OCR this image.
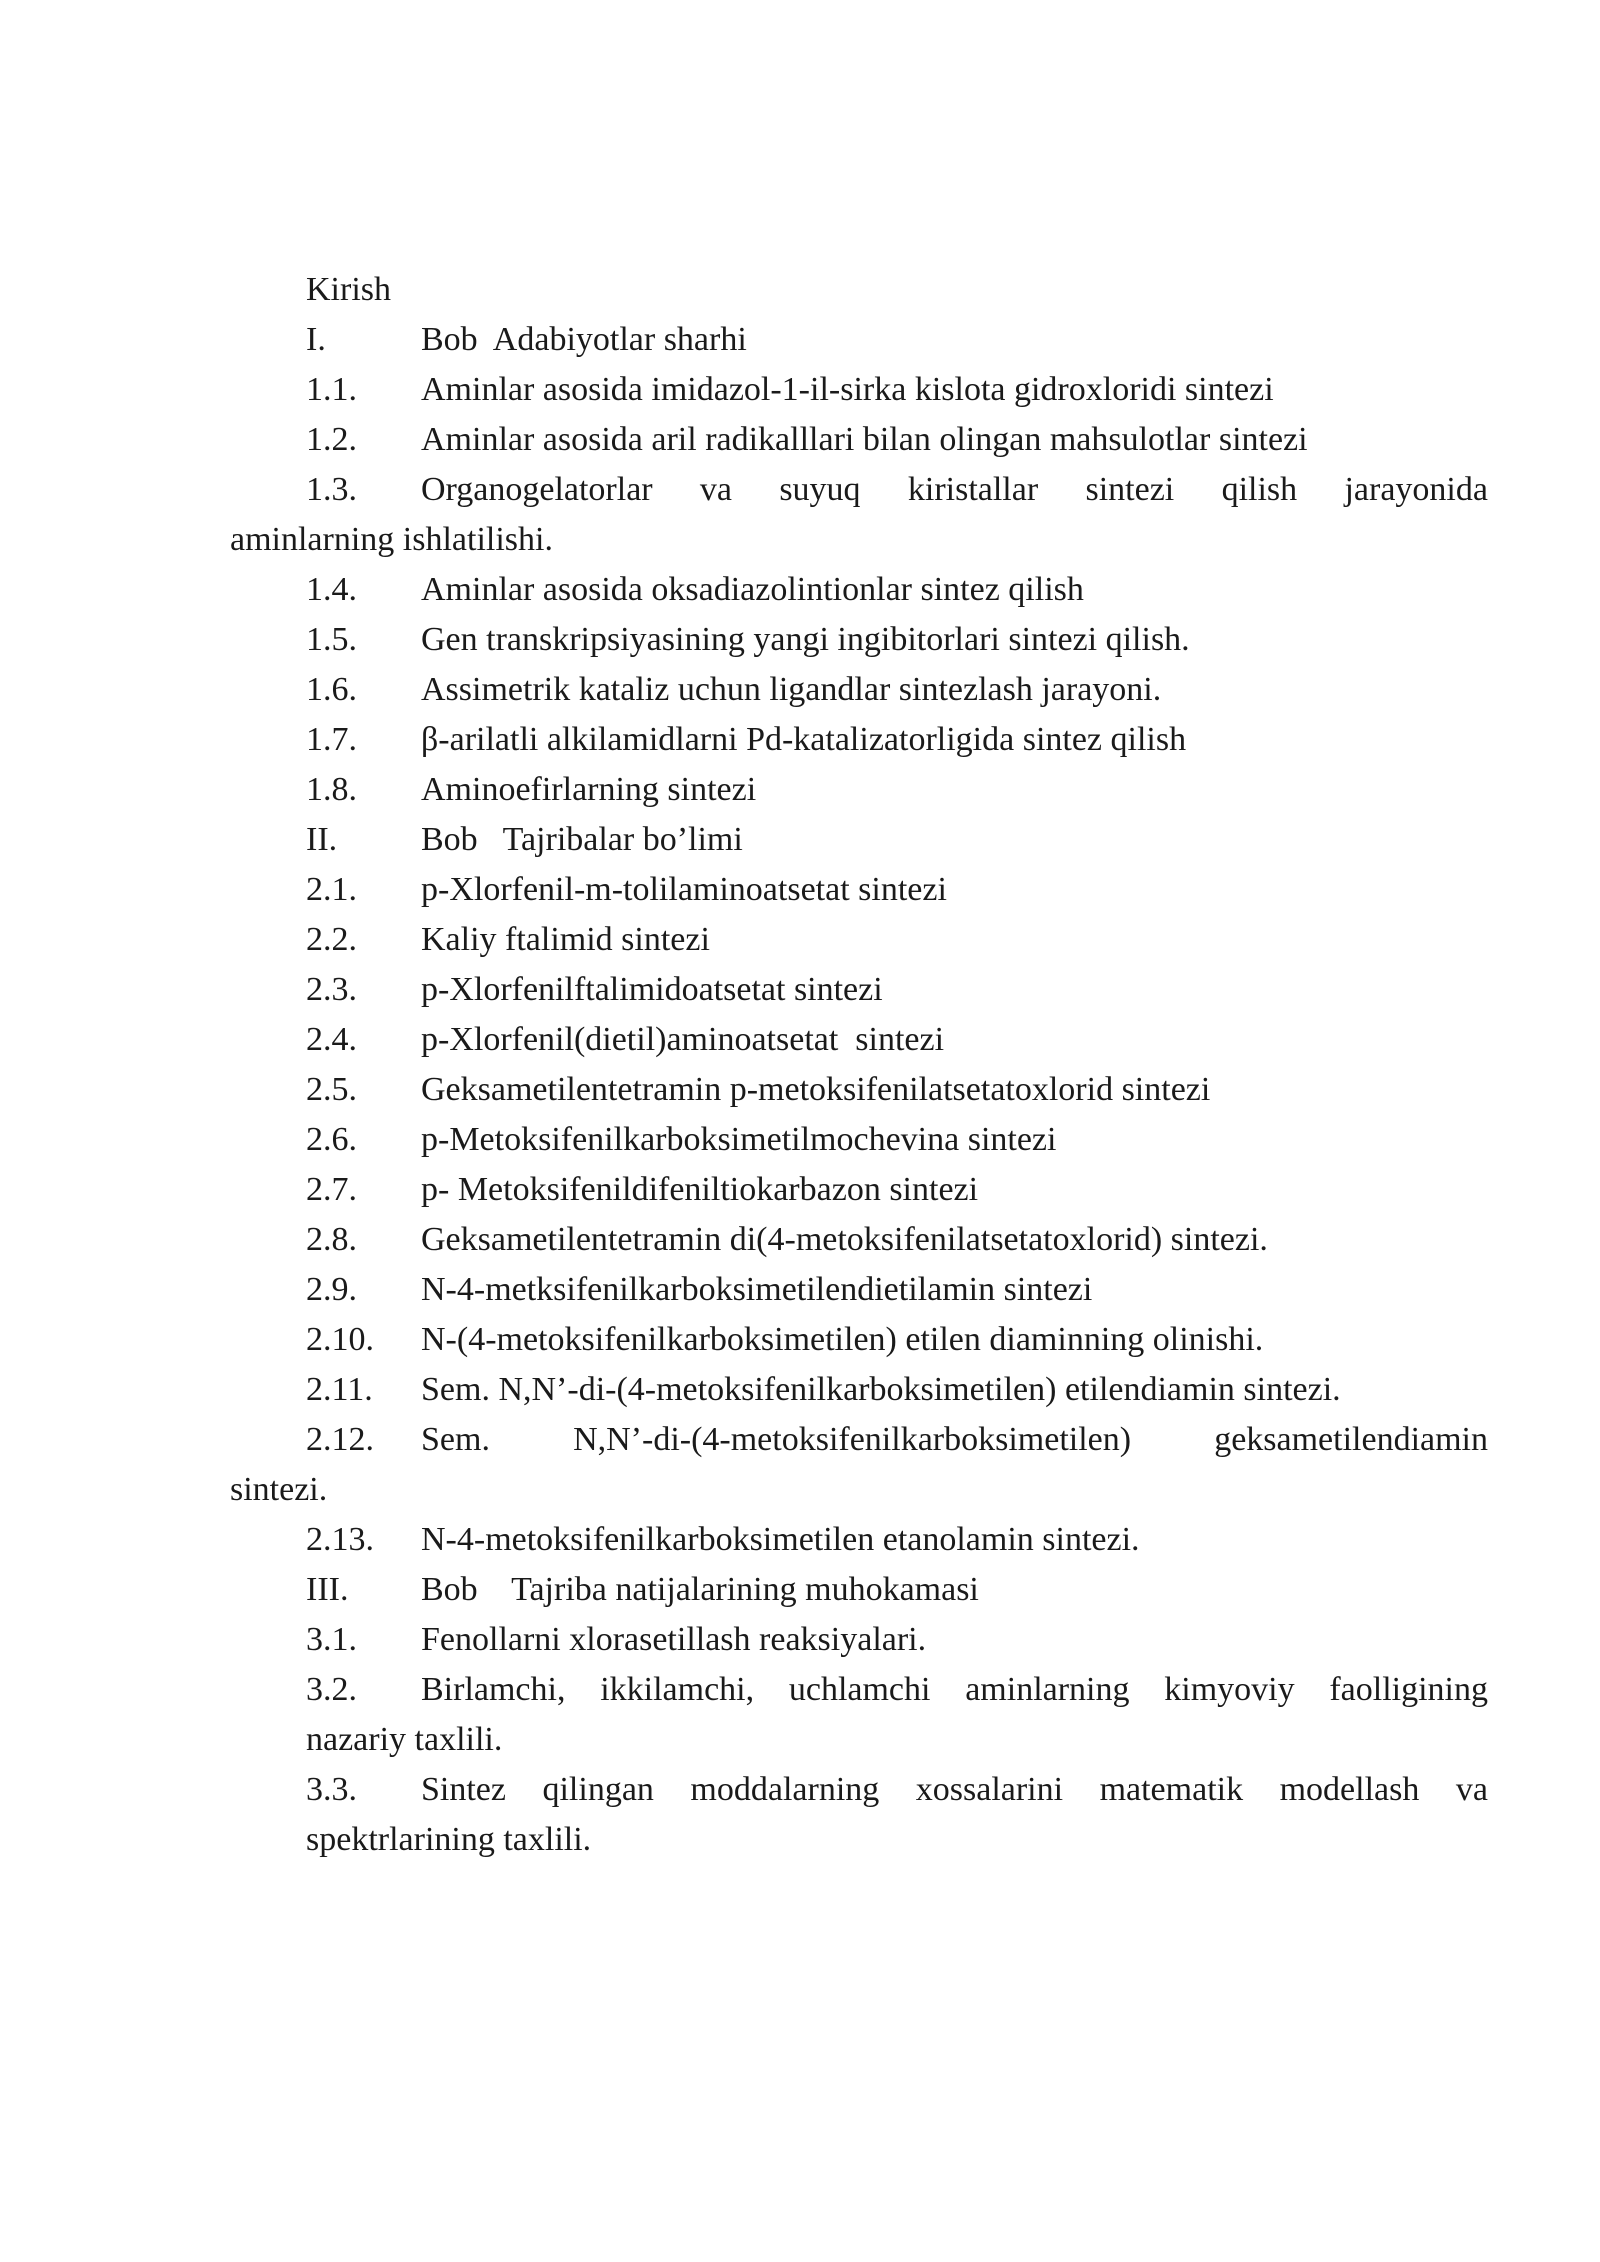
Kirish
I.	Bob  Adabiyotlar sharhi
1.1.	Aminlar asosida imidazol-1-il-sirka kislota gidroxloridi sintezi
1.2.	Aminlar asosida aril radikalllari bilan olingan mahsulotlar sintezi
1.3.	Organogelatorlar va suyuq kiristallar sintezi qilish jarayonida
aminlarning ishlatilishi.
1.4.	Aminlar asosida oksadiazolintionlar sintez qilish
1.5.	Gen transkripsiyasining yangi ingibitorlari sintezi qilish.
1.6.	Assimetrik kataliz uchun ligandlar sintezlash jarayoni.
1.7.	β-arilatli alkilamidlarni Pd-katalizatorligida sintez qilish
1.8.	Aminoefirlarning sintezi
II.	Bob   Tajribalar bo’limi
2.1.	p-Xlorfenil-m-tolilaminoatsetat sintezi
2.2.	Kaliy ftalimid sintezi
2.3.	p-Xlorfenilftalimidoatsetat sintezi
2.4.	p-Xlorfenil(dietil)aminoatsetat  sintezi
2.5.	Geksametilentetramin p-metoksifenilatsetatoxlorid sintezi
2.6.	p-Metoksifenilkarboksimetilmochevina sintezi
2.7.	p- Metoksifenildifeniltiokarbazon sintezi
2.8.	Geksametilentetramin di(4-metoksifenilatsetatoxlorid) sintezi.
2.9.	N-4-metksifenilkarboksimetilendietilamin sintezi
2.10.	N-(4-metoksifenilkarboksimetilen) etilen diaminning olinishi.
2.11.	Sem. N,N’-di-(4-metoksifenilkarboksimetilen) etilendiamin sintezi.
2.12.	Sem. N,N’-di-(4-metoksifenilkarboksimetilen) geksametilendiamin
sintezi.
2.13.	N-4-metoksifenilkarboksimetilen etanolamin sintezi.
III.	Bob    Tajriba natijalarining muhokamasi
3.1.	Fenollarni xlorasetillash reaksiyalari.
3.2.	Birlamchi, ikkilamchi, uchlamchi aminlarning kimyoviy faolligining
nazariy taxlili.
3.3.	Sintez qilingan moddalarning xossalarini matematik modellash va
spektrlarining taxlili.
